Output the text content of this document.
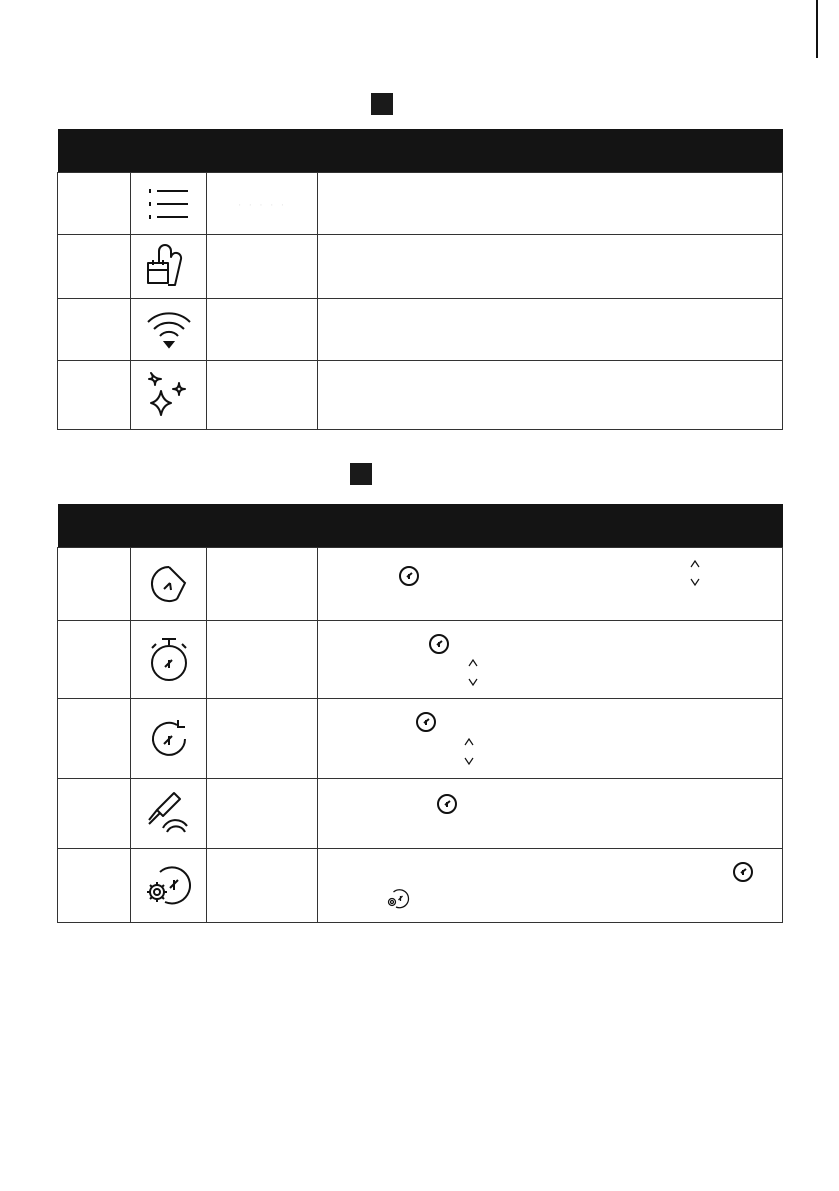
	· · · · ·	
